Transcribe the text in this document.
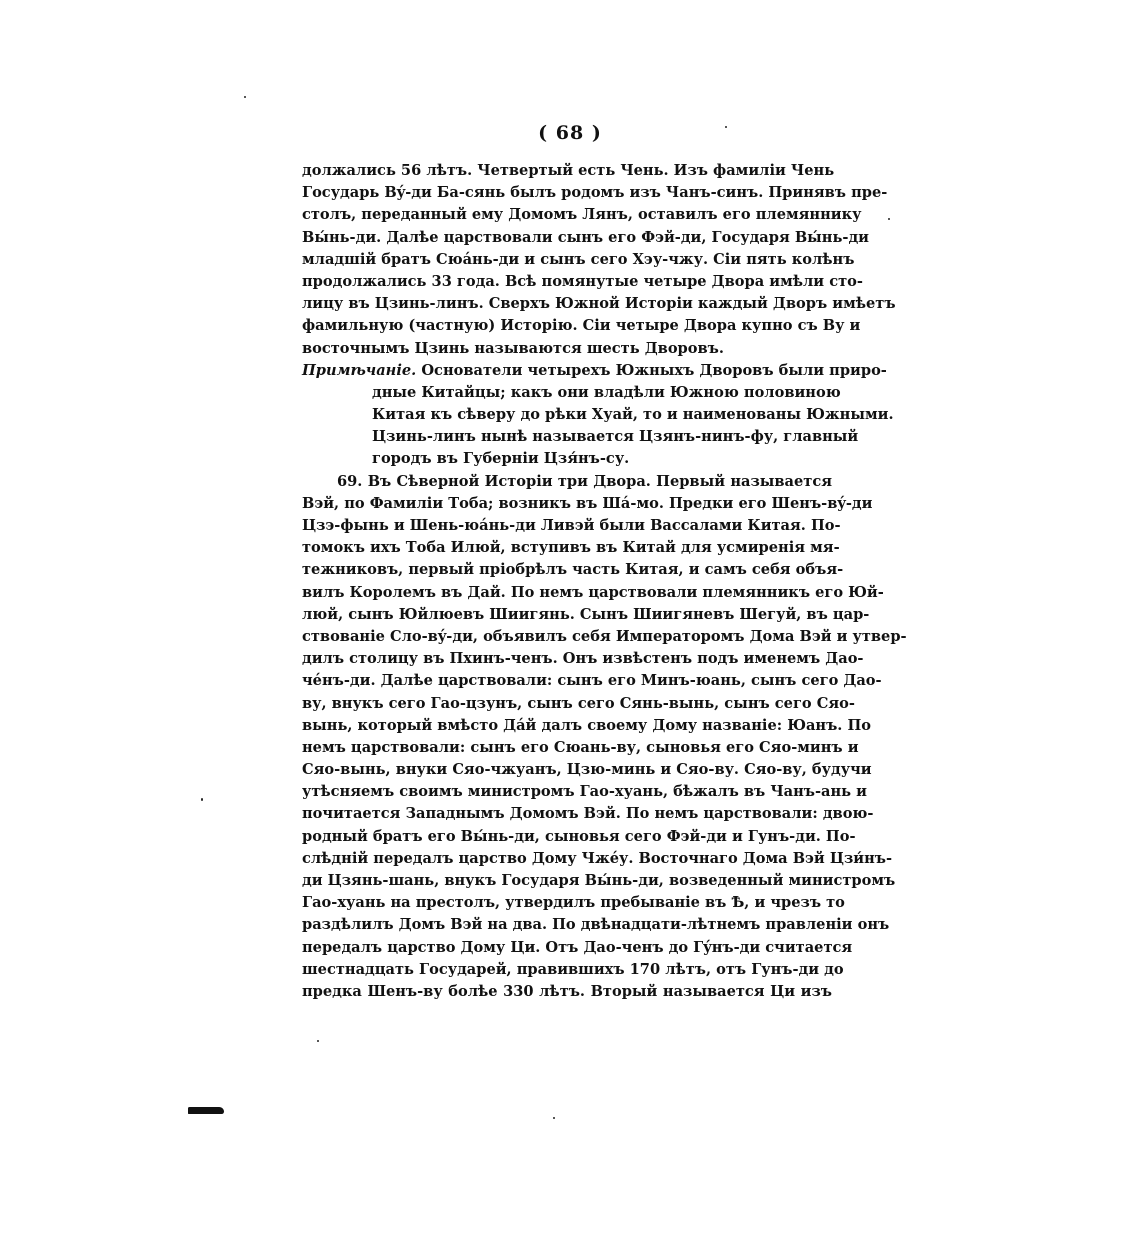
( 68 )
должались 56 лѣтъ. Четвертый есть Чень. Изъ фамиліи Чень
Государь Вý-ди Ба-сянь былъ родомъ изъ Чанъ-синъ. Принявъ пре-
столъ, переданный ему Домомъ Лянъ, оставилъ его племяннику
Вы́нь-ди. Далѣе царствовали сынъ его Фэй-ди, Государя Вы́нь-ди
младшій братъ Сюáнь-ди и сынъ сего Хэу-чжу. Сіи пять колѣнъ
продолжались 33 года. Всѣ помянутые четыре Двора имѣли сто-
лицу въ Цзинь-линъ. Сверхъ Южной Исторіи каждый Дворъ имѣетъ
фамильную (частную) Исторію. Сіи четыре Двора купно съ Ву и
восточнымъ Цзинь называются шесть Дворовъ.
Примѣчаніе. Основатели четырехъ Южныхъ Дворовъ были приро-
дные Китайцы; какъ они владѣли Южною половиною
Китая къ сѣверу до рѣки Хуай, то и наименованы Южными.
Цзинь-линъ нынѣ называется Цзянъ-нинъ-фу, главный
городъ въ Губерніи Цзя́нъ-су.
69. Въ Сѣверной Исторіи три Двора. Первый называется
Вэй, по Фамиліи Тоба; возникъ въ Шá-мо. Предки его Шенъ-вý-ди
Цзэ-фынь и Шень-юáнь-ди Ливэй были Вассалами Китая. По-
томокъ ихъ Тоба Илюй, вступивъ въ Китай для усмиренія мя-
тежниковъ, первый пріобрѣлъ часть Китая, и самъ себя объя-
вилъ Королемъ въ Дай. По немъ царствовали племянникъ его Юй-
люй, сынъ Юйлюевъ Шиигянь. Сынъ Шиигяневъ Шегуй, въ цар-
ствованіе Сло-вý-ди, объявилъ себя Императоромъ Дома Вэй и утвер-
дилъ столицу въ Пхинъ-ченъ. Онъ извѣстенъ подъ именемъ Дао-
чéнъ-ди. Далѣе царствовали: сынъ его Минъ-юань, сынъ сего Дао-
ву, внукъ сего Гао-цзунъ, сынъ сего Сянь-вынь, сынъ сего Сяо-
вынь, который вмѣсто Дáй далъ своему Дому названіе: Юанъ. По
немъ царствовали: сынъ его Сюань-ву, сыновья его Сяо-минъ и
Сяо-вынь, внуки Сяо-чжуанъ, Цзю-минь и Сяо-ву. Сяо-ву, будучи
утѣсняемъ своимъ министромъ Гао-хуань, бѣжалъ въ Чанъ-ань и
почитается Западнымъ Домомъ Вэй. По немъ царствовали: двою-
родный братъ его Вы́нь-ди, сыновья сего Фэй-ди и Гунъ-ди. По-
слѣдній передалъ царство Дому Чжéу. Восточнаго Дома Вэй Цзи́нъ-
ди Цзянь-шань, внукъ Государя Вы́нь-ди, возведенный министромъ
Гао-хуань на престолъ, утвердилъ пребываніе въ Ѣ, и чрезъ то
раздѣлилъ Домъ Вэй на два. По двѣнадцати-лѣтнемъ правленіи онъ
передалъ царство Дому Ци. Отъ Дао-ченъ до Гýнъ-ди считается
шестнадцать Государей, правившихъ 170 лѣтъ, отъ Гунъ-ди до
предка Шенъ-ву болѣе 330 лѣтъ. Вторый называется Ци изъ
